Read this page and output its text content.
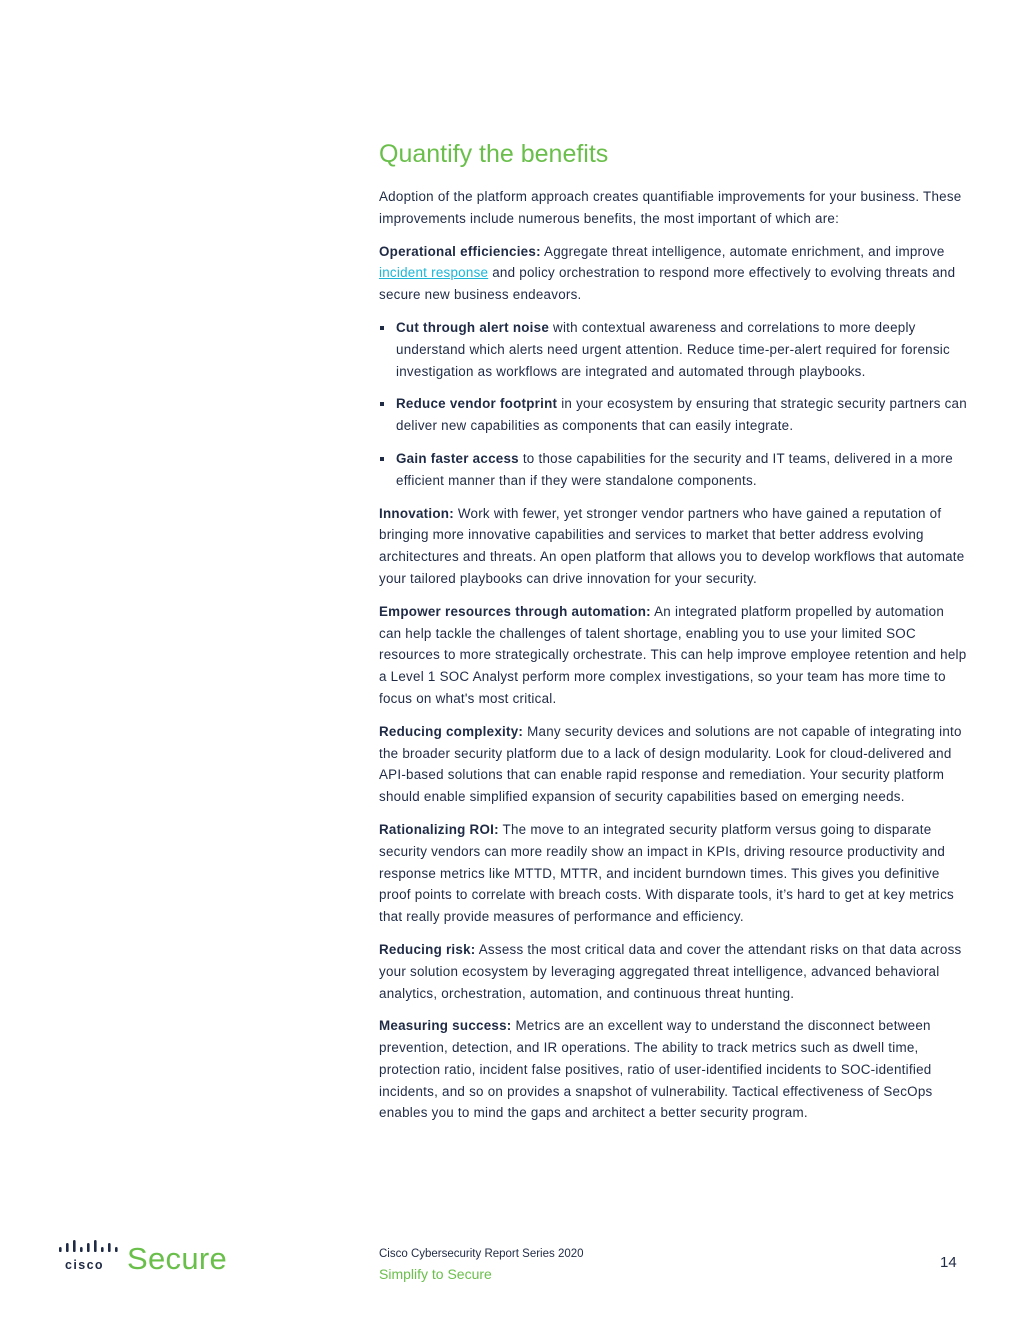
Quantify the benefits

Adoption of the platform approach creates quantifiable improvements for your business. These improvements include numerous benefits, the most important of which are:

Operational efficiencies: Aggregate threat intelligence, automate enrichment, and improve incident response and policy orchestration to respond more effectively to evolving threats and secure new business endeavors.

Cut through alert noise with contextual awareness and correlations to more deeply understand which alerts need urgent attention. Reduce time-per-alert required for forensic investigation as workflows are integrated and automated through playbooks.
Reduce vendor footprint in your ecosystem by ensuring that strategic security partners can deliver new capabilities as components that can easily integrate.
Gain faster access to those capabilities for the security and IT teams, delivered in a more efficient manner than if they were standalone components.

Innovation: Work with fewer, yet stronger vendor partners who have gained a reputation of bringing more innovative capabilities and services to market that better address evolving architectures and threats. An open platform that allows you to develop workflows that automate your tailored playbooks can drive innovation for your security.

Empower resources through automation: An integrated platform propelled by automation can help tackle the challenges of talent shortage, enabling you to use your limited SOC resources to more strategically orchestrate. This can help improve employee retention and help a Level 1 SOC Analyst perform more complex investigations, so your team has more time to focus on what's most critical.

Reducing complexity: Many security devices and solutions are not capable of integrating into the broader security platform due to a lack of design modularity. Look for cloud-delivered and API-based solutions that can enable rapid response and remediation. Your security platform should enable simplified expansion of security capabilities based on emerging needs.

Rationalizing ROI: The move to an integrated security platform versus going to disparate security vendors can more readily show an impact in KPIs, driving resource productivity and response metrics like MTTD, MTTR, and incident burndown times. This gives you definitive proof points to correlate with breach costs. With disparate tools, it’s hard to get at key metrics that really provide measures of performance and efficiency.

Reducing risk: Assess the most critical data and cover the attendant risks on that data across your solution ecosystem by leveraging aggregated threat intelligence, advanced behavioral analytics, orchestration, automation, and continuous threat hunting.

Measuring success: Metrics are an excellent way to understand the disconnect between prevention, detection, and IR operations. The ability to track metrics such as dwell time, protection ratio, incident false positives, ratio of user-identified incidents to SOC-identified incidents, and so on provides a snapshot of vulnerability. Tactical effectiveness of SecOps enables you to mind the gaps and architect a better security program.

cisco Secure	Cisco Cybersecurity Report Series 2020
Simplify to Secure
14
